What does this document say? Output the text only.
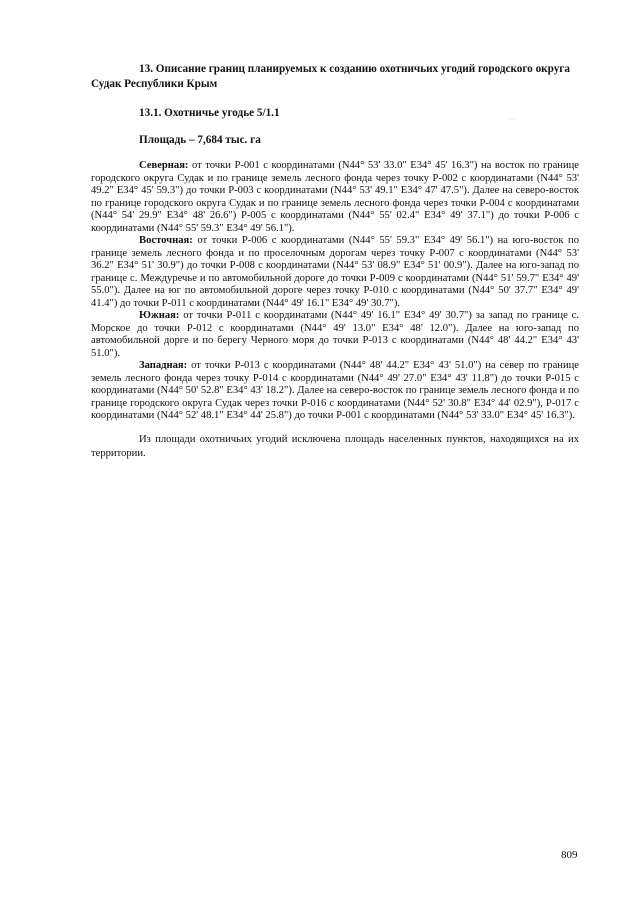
13. Описание границ планируемых к созданию охотничьих угодий городского округа Судак Республики Крым

13.1. Охотничье угодье 5/1.1

Площадь – 7,684 тыс. га

Северная: от точки Р-001 с координатами (N44° 53' 33.0" E34° 45' 16.3") на восток по границе городского округа Судак и по границе земель лесного фонда через точку Р-002 с координатами (N44° 53' 49.2" E34° 45' 59.3") до точки Р-003 с координатами (N44° 53' 49.1" E34° 47' 47.5"). Далее на северо-восток по границе городского округа Судак и по границе земель лесного фонда через точки Р-004 с координатами (N44° 54' 29.9" E34° 48' 26.6") Р-005 с координатами (N44° 55' 02.4" E34° 49' 37.1") до точки Р-006 с координатами (N44° 55' 59.3" E34° 49' 56.1").

Восточная: от точки Р-006 с координатами (N44° 55' 59.3" E34° 49' 56.1") на юго-восток по границе земель лесного фонда и по проселочным дорогам через точку Р-007 с координатами (N44° 53' 36.2" E34° 51' 30.9") до точки Р-008 с координатами (N44° 53' 08.9" E34° 51' 00.9"). Далее на юго-запад по границе с. Междуречье и по автомобильной дороге до точки Р-009 с координатами (N44° 51' 59.7" E34° 49' 55.0"). Далее на юг по автомобильной дороге через точку Р-010 с координатами (N44° 50' 37.7" E34° 49' 41.4") до точки Р-011 с координатами (N44° 49' 16.1" E34° 49' 30.7").

Южная: от точки Р-011 с координатами (N44° 49' 16.1" E34° 49' 30.7") за запад по границе с. Морское до точки Р-012 с координатами (N44° 49' 13.0" E34° 48' 12.0"). Далее на юго-запад по автомобильной дорге и по берегу Черного моря до точки Р-013 с координатами (N44° 48' 44.2" E34° 43' 51.0").

Западная: от точки Р-013 с координатами (N44° 48' 44.2" E34° 43' 51.0") на север по границе земель лесного фонда через точку Р-014 с координатами (N44° 49' 27.0" E34° 43' 11.8") до точки Р-015 с координатами (N44° 50' 52.8" E34° 43' 18.2"). Далее на северо-восток по границе земель лесного фонда и по границе городского округа Судак через точки Р-016 с координатами (N44° 52' 30.8" E34° 44' 02.9"), Р-017 с координатами (N44° 52' 48.1" E34° 44' 25.8") до точки Р-001 с координатами (N44° 53' 33.0" E34° 45' 16.3").

Из площади охотничьих угодий исключена площадь населенных пунктов, находящихся на их территории.

..
809
